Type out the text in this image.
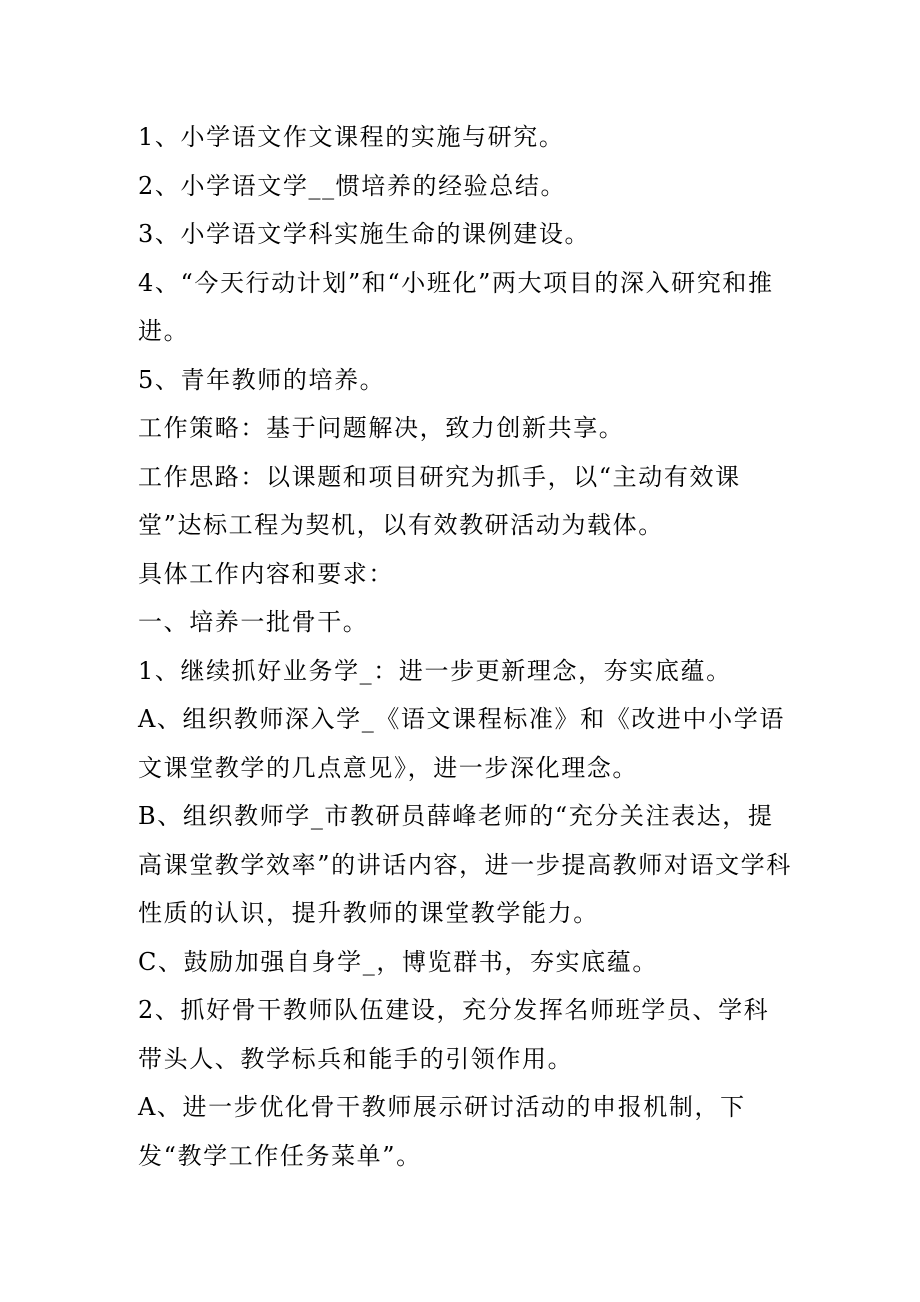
1、小学语文作文课程的实施与研究。

2、小学语文学__惯培养的经验总结。

3、小学语文学科实施生命的课例建设。

4、“今天行动计划”和“小班化”两大项目的深入研究和推进。

5、青年教师的培养。

工作策略：基于问题解决，致力创新共享。

工作思路：以课题和项目研究为抓手，以“主动有效课堂”达标工程为契机，以有效教研活动为载体。

具体工作内容和要求：

一、培养一批骨干。

1、继续抓好业务学_：进一步更新理念，夯实底蕴。

A、组织教师深入学_《语文课程标准》和《改进中小学语文课堂教学的几点意见》，进一步深化理念。

B、组织教师学_市教研员薛峰老师的“充分关注表达，提高课堂教学效率”的讲话内容，进一步提高教师对语文学科性质的认识，提升教师的课堂教学能力。

C、鼓励加强自身学_，博览群书，夯实底蕴。

2、抓好骨干教师队伍建设，充分发挥名师班学员、学科带头人、教学标兵和能手的引领作用。

A、进一步优化骨干教师展示研讨活动的申报机制，下发“教学工作任务菜单”。
